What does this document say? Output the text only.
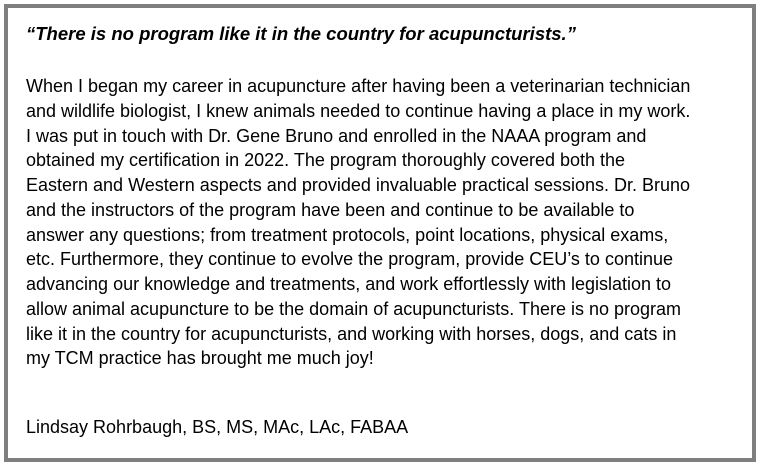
“There is no program like it in the country for acupuncturists.”

When I began my career in acupuncture after having been a veterinarian technician
and wildlife biologist, I knew animals needed to continue having a place in my work.
I was put in touch with Dr. Gene Bruno and enrolled in the NAAA program and
obtained my certification in 2022. The program thoroughly covered both the
Eastern and Western aspects and provided invaluable practical sessions. Dr. Bruno
and the instructors of the program have been and continue to be available to
answer any questions; from treatment protocols, point locations, physical exams,
etc. Furthermore, they continue to evolve the program, provide CEU’s to continue
advancing our knowledge and treatments, and work effortlessly with legislation to
allow animal acupuncture to be the domain of acupuncturists. There is no program
like it in the country for acupuncturists, and working with horses, dogs, and cats in
my TCM practice has brought me much joy!

Lindsay Rohrbaugh, BS, MS, MAc, LAc, FABAA
